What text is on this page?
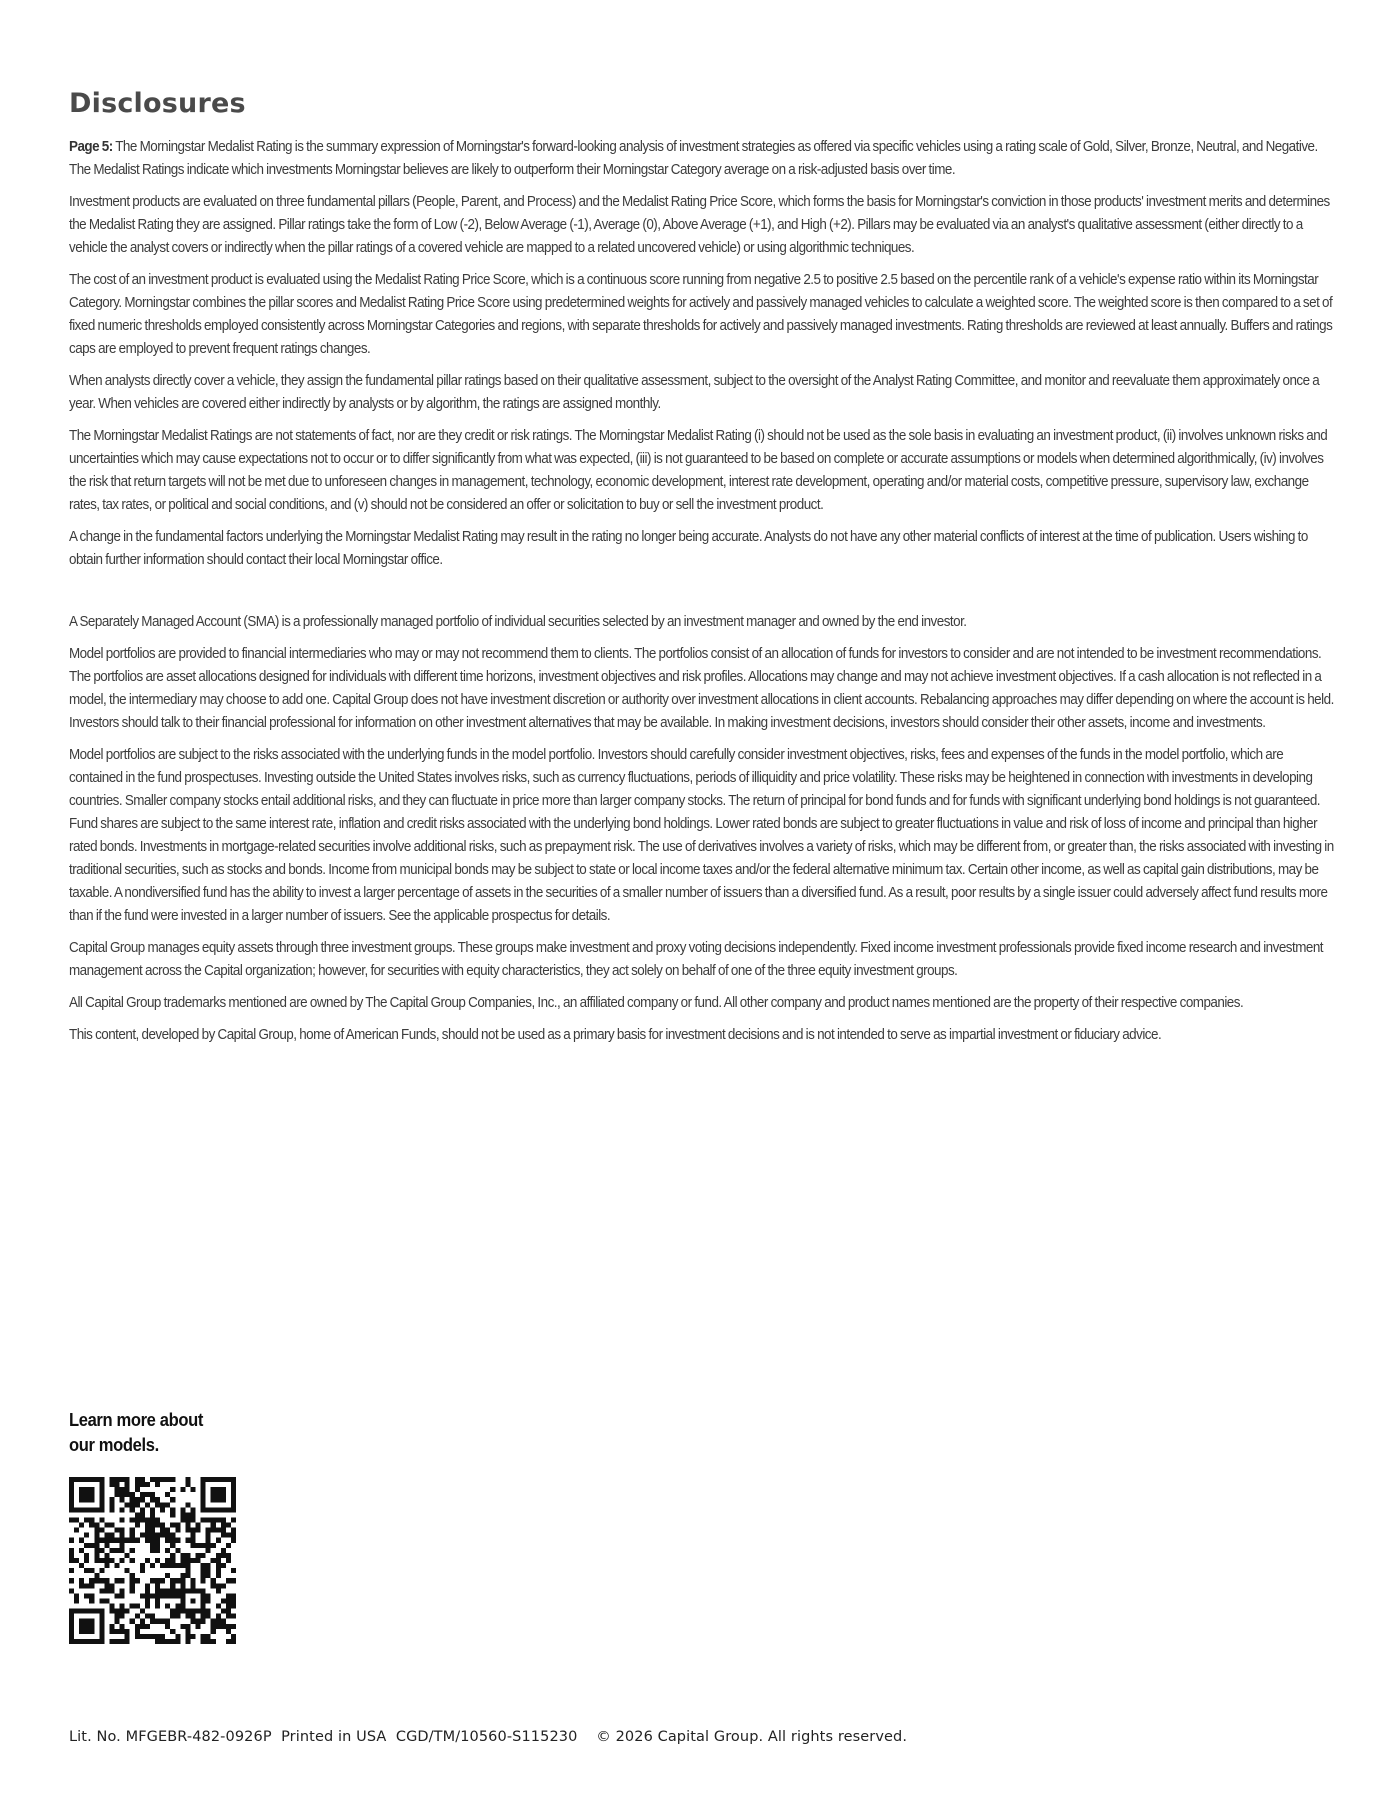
Disclosures

Page 5: The Morningstar Medalist Rating is the summary expression of Morningstar's forward-looking analysis of investment strategies as offered via specific vehicles using a rating scale of Gold, Silver, Bronze, Neutral, and Negative. The Medalist Ratings indicate which investments Morningstar believes are likely to outperform their Morningstar Category average on a risk-adjusted basis over time.

Investment products are evaluated on three fundamental pillars (People, Parent, and Process) and the Medalist Rating Price Score, which forms the basis for Morningstar's conviction in those products' investment merits and determines the Medalist Rating they are assigned. Pillar ratings take the form of Low (-2), Below Average (-1), Average (0), Above Average (+1), and High (+2). Pillars may be evaluated via an analyst's qualitative assessment (either directly to a vehicle the analyst covers or indirectly when the pillar ratings of a covered vehicle are mapped to a related uncovered vehicle) or using algorithmic techniques.

The cost of an investment product is evaluated using the Medalist Rating Price Score, which is a continuous score running from negative 2.5 to positive 2.5 based on the percentile rank of a vehicle's expense ratio within its Morningstar Category. Morningstar combines the pillar scores and Medalist Rating Price Score using predetermined weights for actively and passively managed vehicles to calculate a weighted score. The weighted score is then compared to a set of fixed numeric thresholds employed consistently across Morningstar Categories and regions, with separate thresholds for actively and passively managed investments. Rating thresholds are reviewed at least annually. Buffers and ratings caps are employed to prevent frequent ratings changes.

When analysts directly cover a vehicle, they assign the fundamental pillar ratings based on their qualitative assessment, subject to the oversight of the Analyst Rating Committee, and monitor and reevaluate them approximately once a year. When vehicles are covered either indirectly by analysts or by algorithm, the ratings are assigned monthly.

The Morningstar Medalist Ratings are not statements of fact, nor are they credit or risk ratings. The Morningstar Medalist Rating (i) should not be used as the sole basis in evaluating an investment product, (ii) involves unknown risks and uncertainties which may cause expectations not to occur or to differ significantly from what was expected, (iii) is not guaranteed to be based on complete or accurate assumptions or models when determined algorithmically, (iv) involves the risk that return targets will not be met due to unforeseen changes in management, technology, economic development, interest rate development, operating and/or material costs, competitive pressure, supervisory law, exchange rates, tax rates, or political and social conditions, and (v) should not be considered an offer or solicitation to buy or sell the investment product.

A change in the fundamental factors underlying the Morningstar Medalist Rating may result in the rating no longer being accurate. Analysts do not have any other material conflicts of interest at the time of publication. Users wishing to obtain further information should contact their local Morningstar office.

A Separately Managed Account (SMA) is a professionally managed portfolio of individual securities selected by an investment manager and owned by the end investor.

Model portfolios are provided to financial intermediaries who may or may not recommend them to clients. The portfolios consist of an allocation of funds for investors to consider and are not intended to be investment recommendations. The portfolios are asset allocations designed for individuals with different time horizons, investment objectives and risk profiles. Allocations may change and may not achieve investment objectives. If a cash allocation is not reflected in a model, the intermediary may choose to add one. Capital Group does not have investment discretion or authority over investment allocations in client accounts. Rebalancing approaches may differ depending on where the account is held. Investors should talk to their financial professional for information on other investment alternatives that may be available. In making investment decisions, investors should consider their other assets, income and investments.

Model portfolios are subject to the risks associated with the underlying funds in the model portfolio. Investors should carefully consider investment objectives, risks, fees and expenses of the funds in the model portfolio, which are contained in the fund prospectuses. Investing outside the United States involves risks, such as currency fluctuations, periods of illiquidity and price volatility. These risks may be heightened in connection with investments in developing countries. Smaller company stocks entail additional risks, and they can fluctuate in price more than larger company stocks. The return of principal for bond funds and for funds with significant underlying bond holdings is not guaranteed. Fund shares are subject to the same interest rate, inflation and credit risks associated with the underlying bond holdings. Lower rated bonds are subject to greater fluctuations in value and risk of loss of income and principal than higher rated bonds. Investments in mortgage-related securities involve additional risks, such as prepayment risk. The use of derivatives involves a variety of risks, which may be different from, or greater than, the risks associated with investing in traditional securities, such as stocks and bonds. Income from municipal bonds may be subject to state or local income taxes and/or the federal alternative minimum tax. Certain other income, as well as capital gain distributions, may be taxable. A nondiversified fund has the ability to invest a larger percentage of assets in the securities of a smaller number of issuers than a diversified fund. As a result, poor results by a single issuer could adversely affect fund results more than if the fund were invested in a larger number of issuers. See the applicable prospectus for details.

Capital Group manages equity assets through three investment groups. These groups make investment and proxy voting decisions independently. Fixed income investment professionals provide fixed income research and investment management across the Capital organization; however, for securities with equity characteristics, they act solely on behalf of one of the three equity investment groups.

All Capital Group trademarks mentioned are owned by The Capital Group Companies, Inc., an affiliated company or fund. All other company and product names mentioned are the property of their respective companies.

This content, developed by Capital Group, home of American Funds, should not be used as a primary basis for investment decisions and is not intended to serve as impartial investment or fiduciary advice.

Learn more about
our models.
Lit. No. MFGEBR-482-0926P Printed in USA CGD/TM/10560-S115230 © 2026 Capital Group. All rights reserved.
